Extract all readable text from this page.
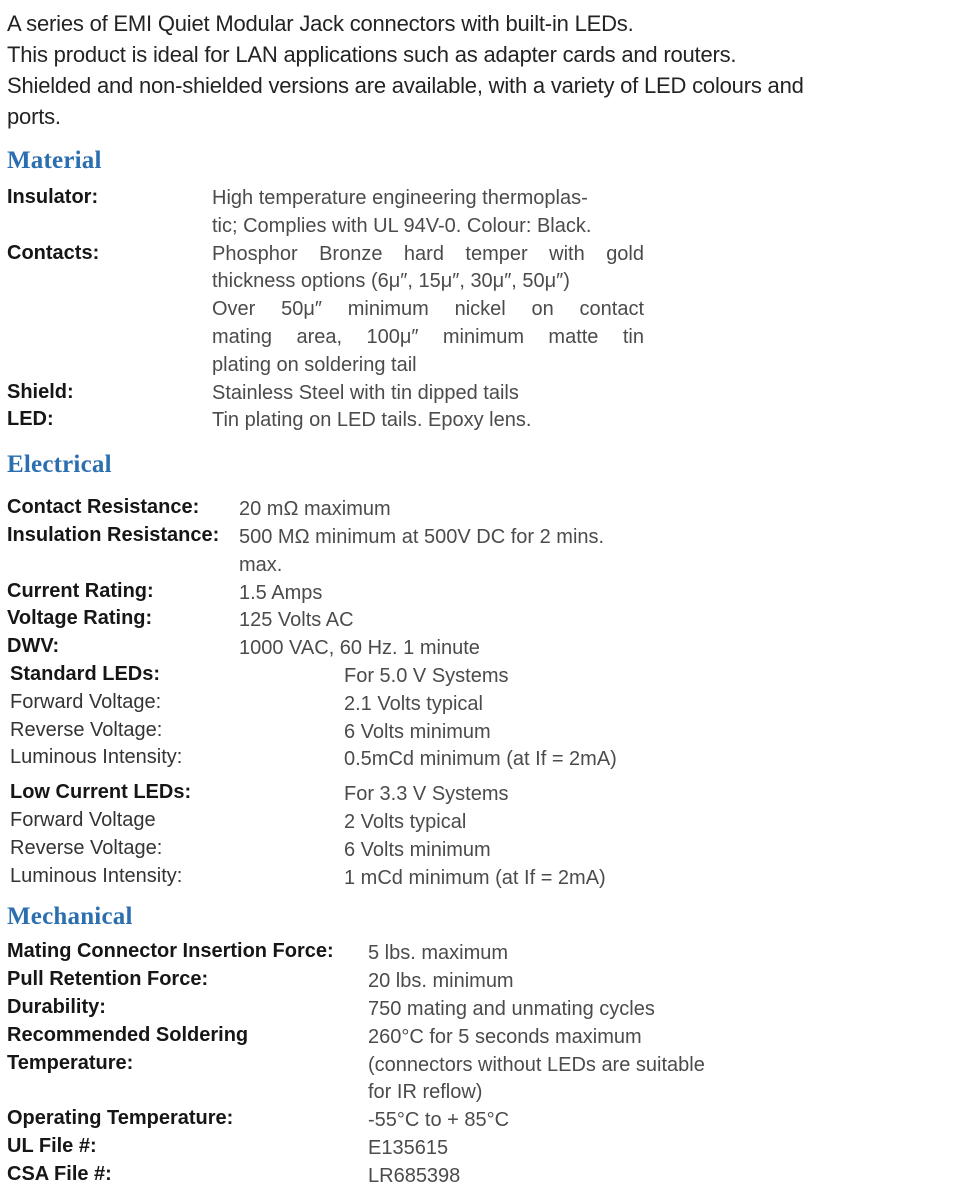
A series of EMI Quiet Modular Jack connectors with built-in LEDs.
This product is ideal for LAN applications such as adapter cards and routers.
Shielded and non-shielded versions are available, with a variety of LED colours and
ports.
Material
Insulator:	High temperature engineering thermoplas-
tic; Complies with UL 94V-0. Colour: Black.
Contacts:	Phosphor Bronze hard temper with gold
thickness options (6μ″, 15μ″, 30μ″, 50μ″)
Over 50μ″ minimum nickel on contact
mating area, 100μ″ minimum matte tin
plating on soldering tail
Shield:	Stainless Steel with tin dipped tails
LED:	Tin plating on LED tails. Epoxy lens.
Electrical
Contact Resistance:	20 mΩ maximum
Insulation Resistance: 500 MΩ minimum at 500V DC for 2 mins.
max.
Current Rating:	1.5 Amps
Voltage Rating:	125 Volts AC
DWV:	1000 VAC, 60 Hz. 1 minute
Standard LEDs:	For 5.0 V Systems
Forward Voltage:	2.1 Volts typical
Reverse Voltage:	6 Volts minimum
Luminous Intensity:	0.5mCd minimum (at If = 2mA)
Low Current LEDs:	For 3.3 V Systems
Forward Voltage	2 Volts typical
Reverse Voltage:	6 Volts minimum
Luminous Intensity:	1 mCd minimum (at If = 2mA)
Mechanical
Mating Connector Insertion Force:	5 lbs. maximum
Pull Retention Force:	20 lbs. minimum
Durability:	750 mating and unmating cycles
Recommended Soldering
Temperature:
260°C for 5 seconds maximum
(connectors without LEDs are suitable
for IR reflow)
Operating Temperature:	-55°C to + 85°C
UL File #:	E135615
CSA File #:	LR685398
